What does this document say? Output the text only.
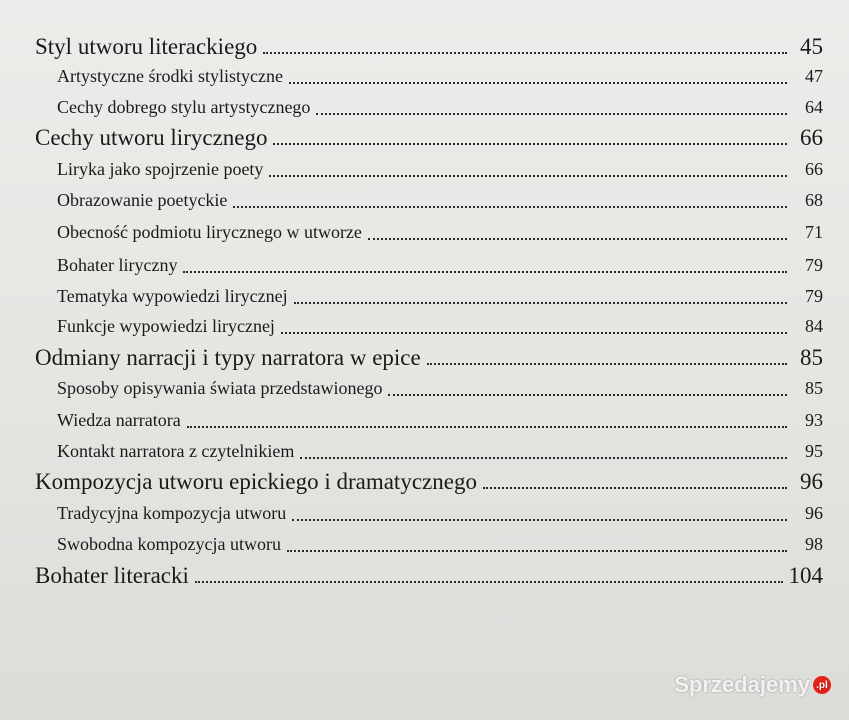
Styl utworu literackiego	45
Artystyczne środki stylistyczne	47
Cechy dobrego stylu artystycznego	64
Cechy utworu lirycznego	66
Liryka jako spojrzenie poety	66
Obrazowanie poetyckie	68
Obecność podmiotu lirycznego w utworze	71
Bohater liryczny	79
Tematyka wypowiedzi lirycznej	79
Funkcje wypowiedzi lirycznej	84
Odmiany narracji i typy narratora w epice	85
Sposoby opisywania świata przedstawionego	85
Wiedza narratora	93
Kontakt narratora z czytelnikiem	95
Kompozycja utworu epickiego i dramatycznego	96
Tradycyjna kompozycja utworu	96
Swobodna kompozycja utworu	98
Bohater literacki	104
Sprzedajemy .pl
